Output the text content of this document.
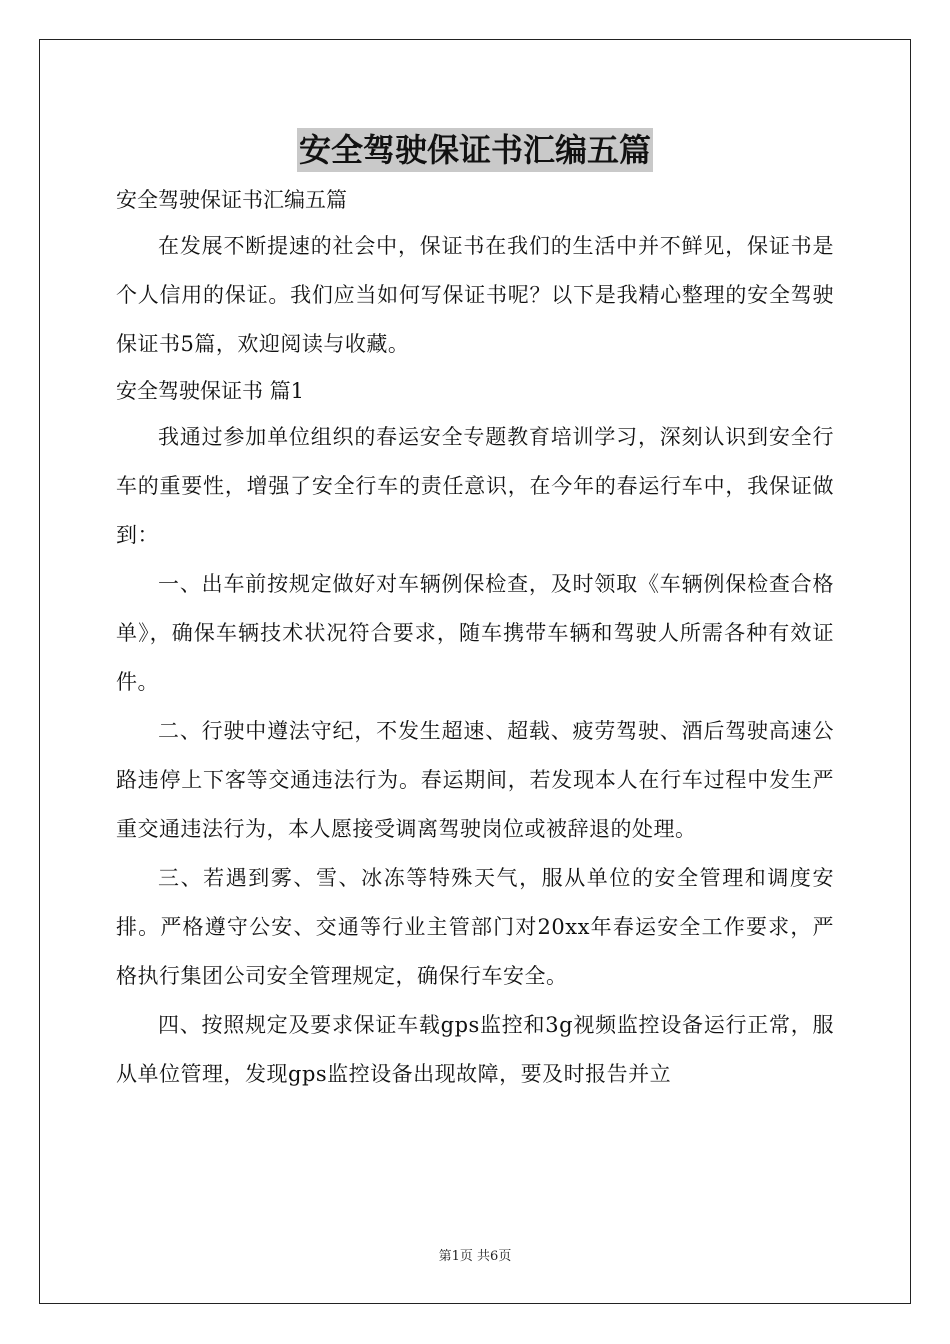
安全驾驶保证书汇编五篇
安全驾驶保证书汇编五篇

在发展不断提速的社会中，保证书在我们的生活中并不鲜见，保证书是个人信用的保证。我们应当如何写保证书呢？以下是我精心整理的安全驾驶保证书5篇，欢迎阅读与收藏。

安全驾驶保证书 篇1

我通过参加单位组织的春运安全专题教育培训学习，深刻认识到安全行车的重要性，增强了安全行车的责任意识，在今年的春运行车中，我保证做到：

一、出车前按规定做好对车辆例保检查，及时领取《车辆例保检查合格单》，确保车辆技术状况符合要求，随车携带车辆和驾驶人所需各种有效证件。

二、行驶中遵法守纪，不发生超速、超载、疲劳驾驶、酒后驾驶高速公路违停上下客等交通违法行为。春运期间，若发现本人在行车过程中发生严重交通违法行为，本人愿接受调离驾驶岗位或被辞退的处理。

三、若遇到雾、雪、冰冻等特殊天气，服从单位的安全管理和调度安排。严格遵守公安、交通等行业主管部门对20xx年春运安全工作要求，严格执行集团公司安全管理规定，确保行车安全。

四、按照规定及要求保证车载gps监控和3g视频监控设备运行正常，服从单位管理，发现gps监控设备出现故障，要及时报告并立

第1页 共6页
